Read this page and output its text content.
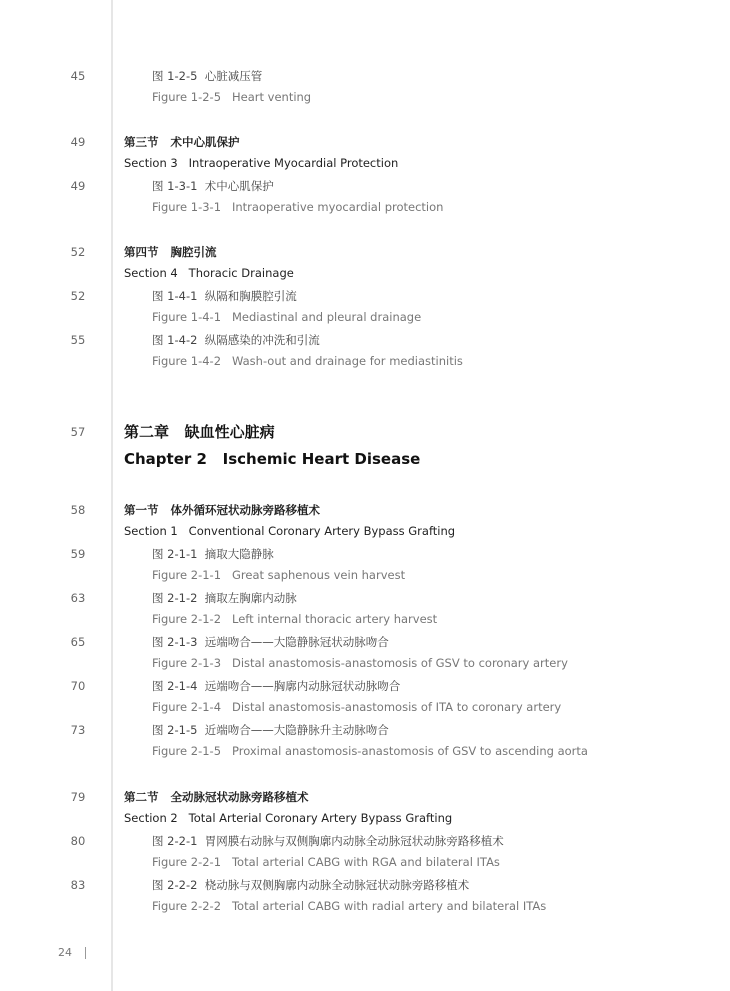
45	图 1-2-5  心脏减压管
Figure 1-2-5   Heart venting
49	第三节   术中心肌保护
Section 3   Intraoperative Myocardial Protection
49	图 1-3-1  术中心肌保护
Figure 1-3-1   Intraoperative myocardial protection
52	第四节   胸腔引流
Section 4   Thoracic Drainage
52	图 1-4-1  纵隔和胸膜腔引流
Figure 1-4-1   Mediastinal and pleural drainage
55	图 1-4-2  纵隔感染的冲洗和引流
Figure 1-4-2   Wash-out and drainage for mediastinitis
57	第二章   缺血性心脏病
Chapter 2   Ischemic Heart Disease
58	第一节   体外循环冠状动脉旁路移植术
Section 1   Conventional Coronary Artery Bypass Grafting
59	图 2-1-1  摘取大隐静脉
Figure 2-1-1   Great saphenous vein harvest
63	图 2-1-2  摘取左胸廓内动脉
Figure 2-1-2   Left internal thoracic artery harvest
65	图 2-1-3  远端吻合——大隐静脉冠状动脉吻合
Figure 2-1-3   Distal anastomosis-anastomosis of GSV to coronary artery
70	图 2-1-4  远端吻合——胸廓内动脉冠状动脉吻合
Figure 2-1-4   Distal anastomosis-anastomosis of ITA to coronary artery
73	图 2-1-5  近端吻合——大隐静脉升主动脉吻合
Figure 2-1-5   Proximal anastomosis-anastomosis of GSV to ascending aorta
79	第二节   全动脉冠状动脉旁路移植术
Section 2   Total Arterial Coronary Artery Bypass Grafting
80	图 2-2-1  胃网膜右动脉与双侧胸廓内动脉全动脉冠状动脉旁路移植术
Figure 2-2-1   Total arterial CABG with RGA and bilateral ITAs
83	图 2-2-2  桡动脉与双侧胸廓内动脉全动脉冠状动脉旁路移植术
Figure 2-2-2   Total arterial CABG with radial artery and bilateral ITAs
24
